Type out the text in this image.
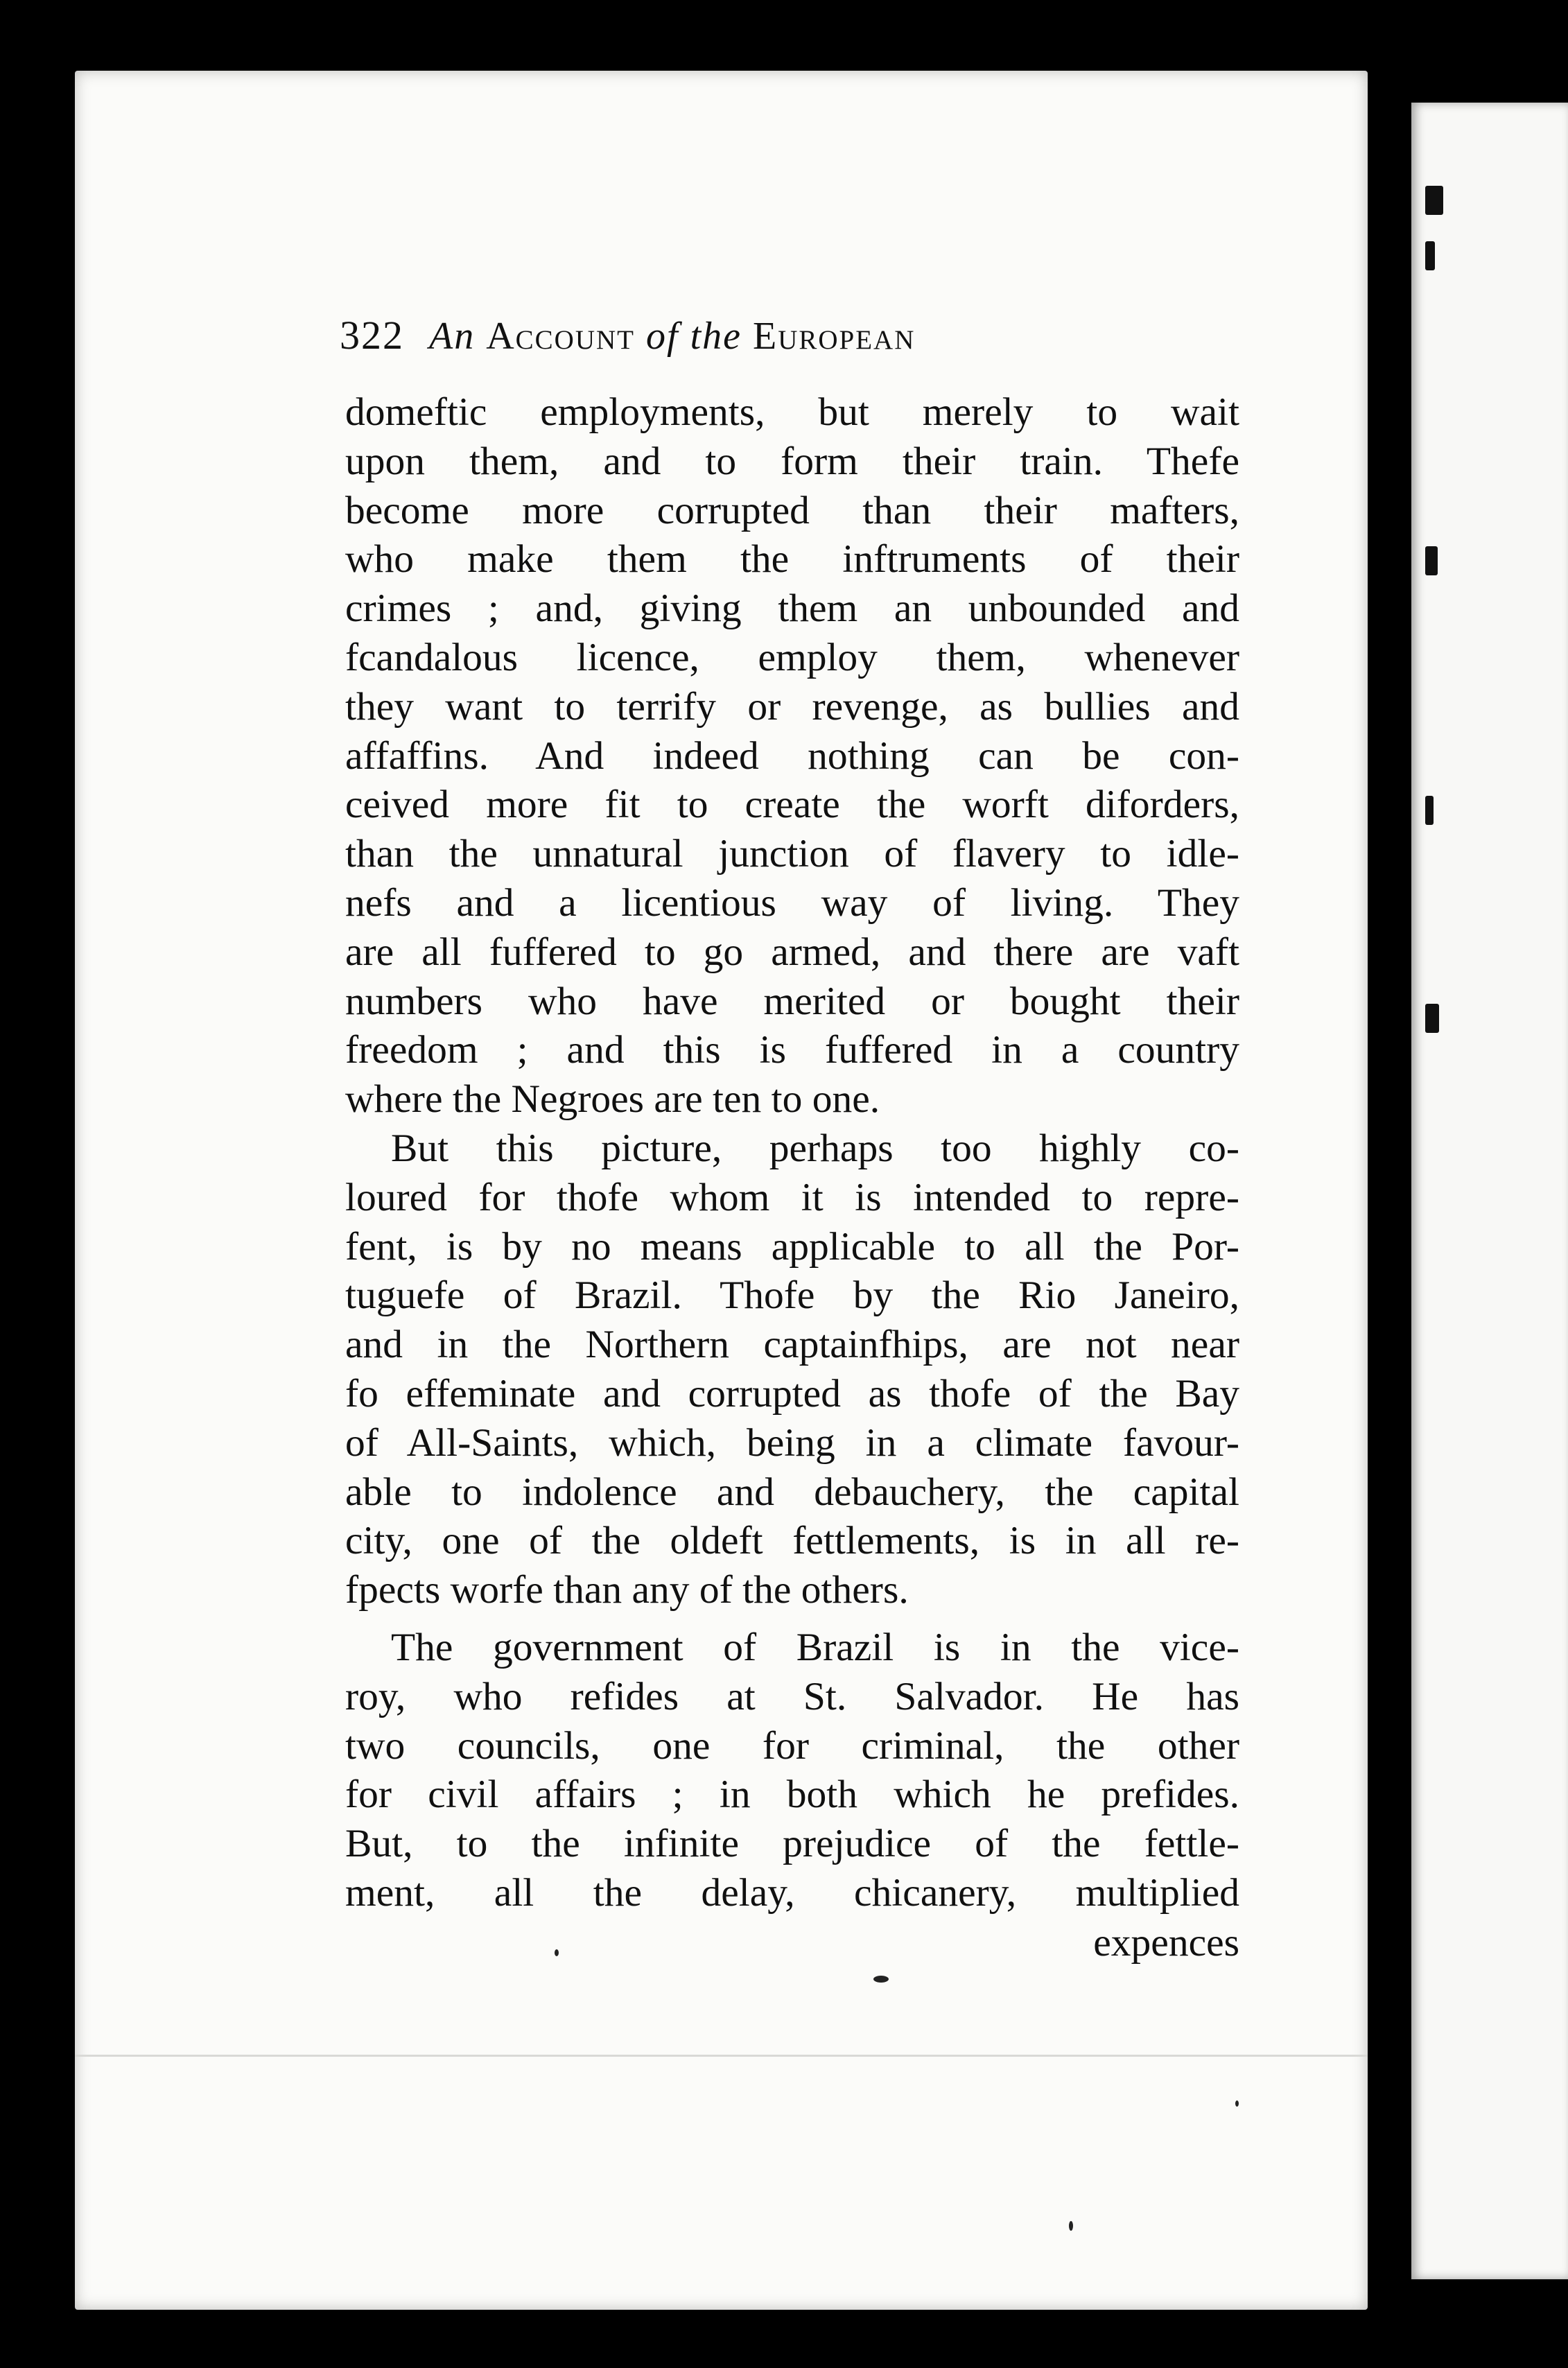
322 An Account of the European
domeftic employments, but merely to wait
upon them, and to form their train. Thefe
become more corrupted than their mafters,
who make them the inftruments of their
crimes ; and, giving them an unbounded and
fcandalous licence, employ them, whenever
they want to terrify or revenge, as bullies and
affaffins. And indeed nothing can be con-
ceived more fit to create the worft diforders,
than the unnatural junction of flavery to idle-
nefs and a licentious way of living. They
are all fuffered to go armed, and there are vaft
numbers who have merited or bought their
freedom ; and this is fuffered in a country
where the Negroes are ten to one.
But this picture, perhaps too highly co-
loured for thofe whom it is intended to repre-
fent, is by no means applicable to all the Por-
tuguefe of Brazil. Thofe by the Rio Janeiro,
and in the Northern captainfhips, are not near
fo effeminate and corrupted as thofe of the Bay
of All-Saints, which, being in a climate favour-
able to indolence and debauchery, the capital
city, one of the oldeft fettlements, is in all re-
fpects worfe than any of the others.
The government of Brazil is in the vice-
roy, who refides at St. Salvador. He has
two councils, one for criminal, the other
for civil affairs ; in both which he prefides.
But, to the infinite prejudice of the fettle-
ment, all the delay, chicanery, multiplied
expences
